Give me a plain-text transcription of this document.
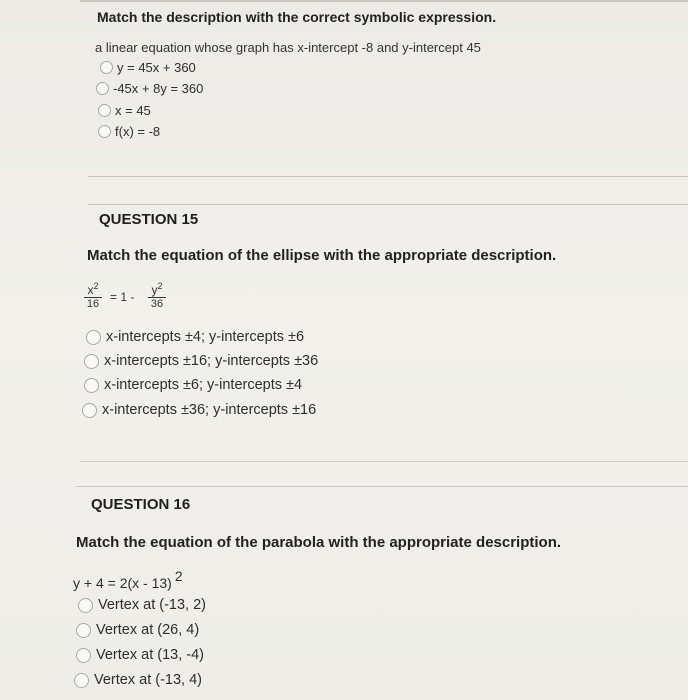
Match the description with the correct symbolic expression.
a linear equation whose graph has x-intercept -8 and y-intercept 45
y = 45x + 360
-45x + 8y = 360
x = 45
f(x) = -8
QUESTION 15
Match the equation of the ellipse with the appropriate description.
$x^2$
$16 = 1 - y^2$
36
x-intercepts ±4; y-intercepts ±6
x-intercepts ±16; y-intercepts ±36
x-intercepts ±6; y-intercepts ±4
x-intercepts ±36; y-intercepts ±16
QUESTION 16
Match the equation of the parabola with the appropriate description.
y + 4 = 2(x - 13) 2
Vertex at (-13, 2)
Vertex at (26, 4)
Vertex at (13, -4)
Vertex at (-13, 4)
